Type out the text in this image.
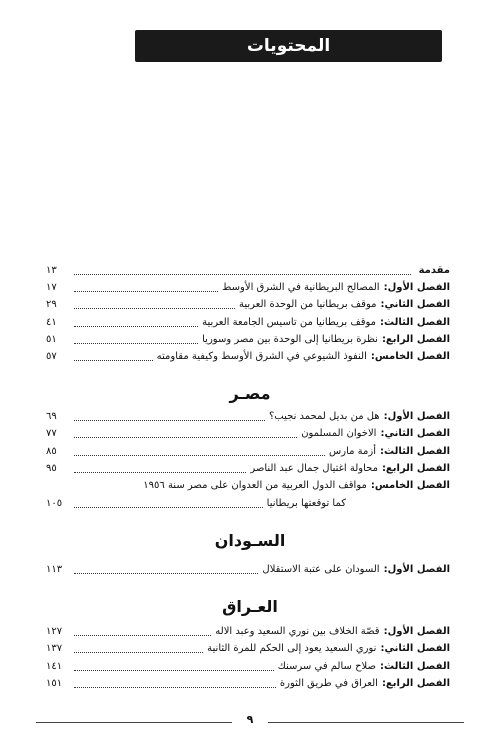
المحتويات
مقدمة
١٣
الفصل الأول:
المصالح البريطانية في الشرق الأوسط
١٧
الفصل الثاني:
موقف بريطانيا من الوحدة العربية
٢٩
الفصل الثالث:
موقف بريطانيا من تاسيس الجامعة العربية
٤١
الفصل الرابع:
نظرة بريطانيا إلى الوحدة بين مصر وسوريا
٥١
الفصل الخامس:
النفوذ الشيوعي في الشرق الأوسط وكيفية مقاومته
٥٧
مصـر
الفصل الأول:
هل من بديل لمحمد نجيب؟
٦٩
الفصل الثاني:
الاخوان المسلمون
٧٧
الفصل الثالث:
أزمة مارس
٨٥
الفصل الرابع:
محاولة اغتيال جمال عبد الناصر
٩٥
الفصل الخامس:
مواقف الدول العربية من العدوان على مصر سنة ١٩٥٦
كما توقعتها بريطانيا
١٠٥
السـودان
الفصل الأول:
السودان على عتبة الاستقلال
١١٣
العـراق
الفصل الأول:
قصّة الخلاف بين نوري السعيد وعبد الاله
١٢٧
الفصل الثاني:
نوري السعيد يعود إلى الحكم للمرة الثانية
١٣٧
الفصل الثالث:
صلاح سالم في سرسنك
١٤١
الفصل الرابع:
العراق في طريق الثورة
١٥١
٩
